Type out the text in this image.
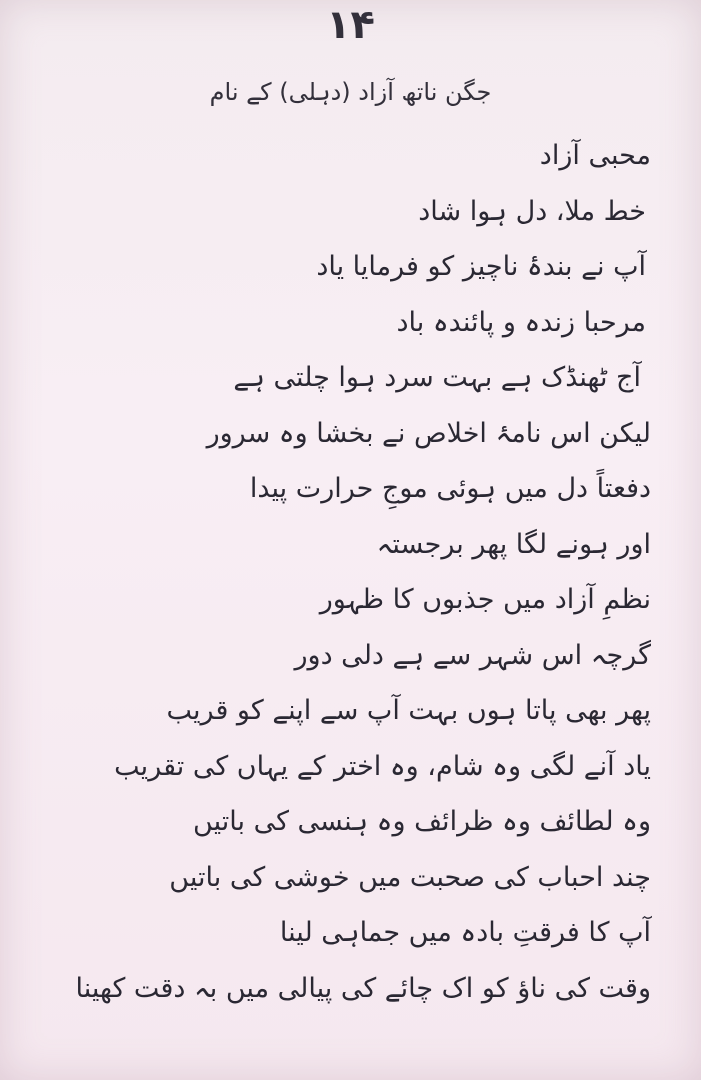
۱۴
جگن ناتھ آزاد (دہلی) کے نام
محبی آزاد
خط ملا، دل ہوا شاد
آپ نے بندۂ ناچیز کو فرمایا یاد
مرحبا زندہ و پائندہ باد
آج ٹھنڈک ہے بہت سرد ہوا چلتی ہے
لیکن اس نامۂ اخلاص نے بخشا وہ سرور
دفعتاً دل میں ہوئی موجِ حرارت پیدا
اور ہونے لگا پھر برجستہ
نظمِ آزاد میں جذبوں کا ظہور
گرچہ اس شہر سے ہے دلی دور
پھر بھی پاتا ہوں بہت آپ سے اپنے کو قریب
یاد آنے لگی وہ شام، وہ اختر کے یہاں کی تقریب
وہ لطائف وہ ظرائف وہ ہنسی کی باتیں
چند احباب کی صحبت میں خوشی کی باتیں
آپ کا فرقتِ بادہ میں جماہی لینا
وقت کی ناؤ کو اک چائے کی پیالی میں بہ دقت کھینا
